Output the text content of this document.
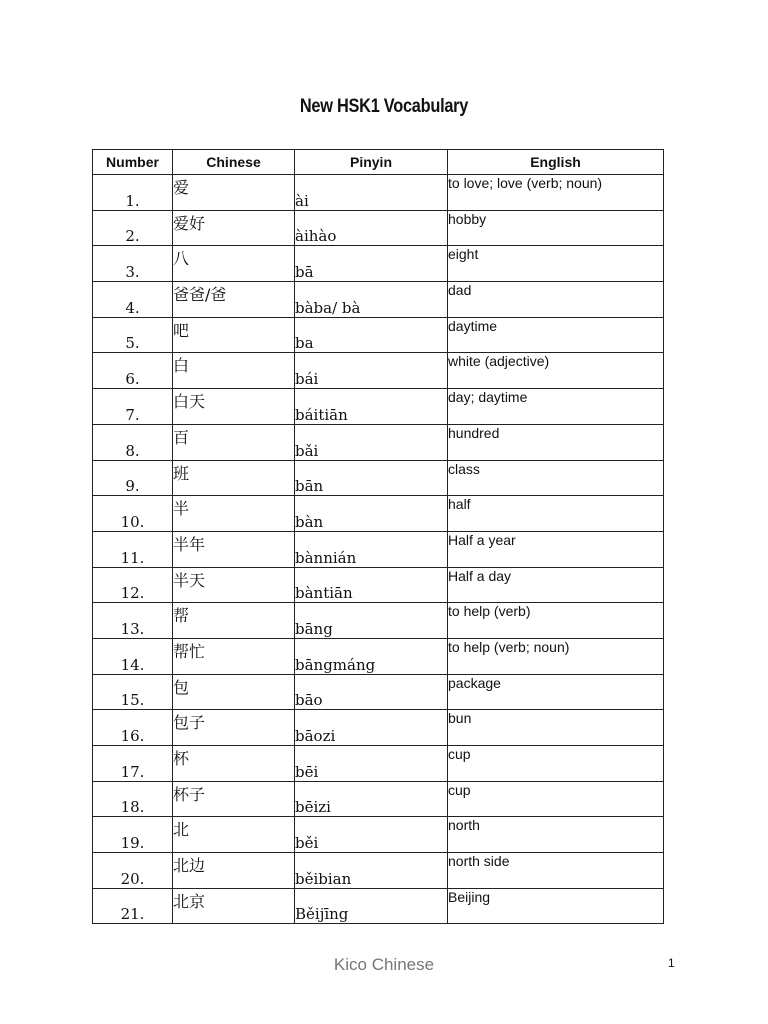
New HSK1 Vocabulary
Number	Chinese	Pinyin	English
1.	爱	ài	to love; love (verb; noun)
2.	爱好	àihào	hobby
3.	八	bā	eight
4.	爸爸/爸	bàba/ bà	dad
5.	吧	ba	daytime
6.	白	bái	white (adjective)
7.	白天	báitiān	day; daytime
8.	百	bǎi	hundred
9.	班	bān	class
10.	半	bàn	half
11.	半年	bànnián	Half a year
12.	半天	bàntiān	Half a day
13.	帮	bāng	to help (verb)
14.	帮忙	bāngmáng	to help (verb; noun)
15.	包	bāo	package
16.	包子	bāozi	bun
17.	杯	bēi	cup
18.	杯子	bēizi	cup
19.	北	běi	north
20.	北边	běibian	north side
21.	北京	Běijīng	Beijing
Kico Chinese	1
